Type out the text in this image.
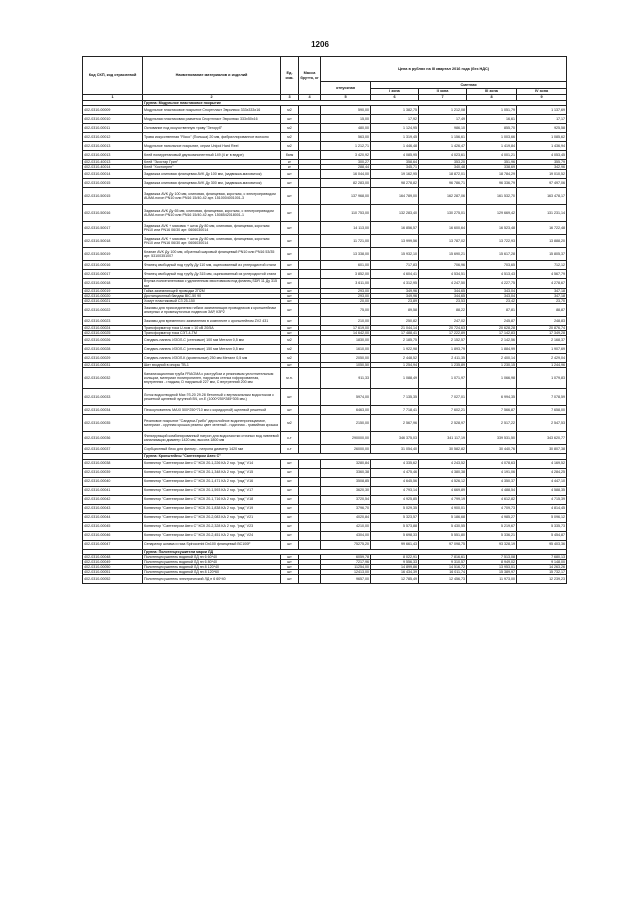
1206
Код СКП, код отраслевой	Наименование материалов и изделий	Ед. изм.	Масса брутто, кг	Цена в рублях на III квартал 2016 года (без НДС)				
				отпускная	Сметная			
					I зона	II зона	III зона	IV зона
1	2	3	4	5	6	7	8	9
	Группа: Модульное пластиковое покрытие							
402-0310-00009	Модульное пластиковое покрытие Спортпласт Эвролюкс 333x333x16	м2		590,00	1 382,75	1 212,08	1 051,79	1 137,69
402-0310-00010	Модульная пластиковая разметка Спортпласт Эвролюкс 333x50x16	шт		15,00	17,92	17,49	16,61	17,17
402-0310-00011	Основание под искусственную траву "Зегоруб"	м2		480,00	1 124,95	986,10	855,70	925,58
402-0310-00012	Трава искусственная "Ricco" (Польша) 20 мм, фибриллированное волокно	м2		563,00	1 319,45	1 156,61	1 003,66	1 085,62
402-0310-00013	Модульное напольное покрытие, серии Unipol Hard Reel	м2		1 212,71	1 446,48	1 426,47	1 419,84	1 436,94
402-0310-00013	Клей полиуретановый двухкомпонентный 149 (4 кг в ведре)	банк		3 420,92	4 085,95	4 023,61	4 001,21	4 053,45
402-0310-40013	Клей "Экостар Грин"	кг		300,27	358,64	353,20	351,96	355,79
402-0310-40014	Клей "Хостопрен"	кг		288,44	345,71	340,48	338,69	342,96
402-0310-00014	Задвижка клиновая фланцевая AVK Ду 100 мм, (задвижка-маховичок)	шт		16 044,00	19 162,95	18 872,01	18 784,29	19 010,52
402-0310-00015	Задвижка клиновая фланцевая AVK Ду 300 мм, (задвижка-маховичок)	шт		82 283,00	98 278,82	96 786,71	96 336,79	97 497,06
402-0310-50015	Задвижка AVK Ду 100 мм, клиновая, фланцевая, короткая, с электроприводом AUMA погон PN10 или PN16 15/40-42 арт. 1510004001001-3	шт		137 968,00	164 789,00	162 287,06	161 532,70	163 478,17
402-0310-50016	Задвижка AVK Ду 65 мм, клиновая, фланцевая, короткая, с электроприводом AUMA погон PN10 или PN16 15/40-42 арт. 1508542018001-1	шт		110 753,00	132 283,40	130 275,01	129 669,42	131 231,14
402-0310-50017	Задвижка AVK + маховик + шток Ду 80 мм, клиновая, фланцевая, короткая PN10 или PN16 06/30 арт. 0606030014	шт		14 113,00	16 856,57	16 600,64	16 523,48	16 722,48
402-0310-50018	Задвижка AVK + маховик + шток Ду 80 мм, клиновая, фланцевая, короткая PN10 или PN16 06/30 арт. 0606030014	шт		11 721,00	13 999,56	13 787,02	13 722,93	13 888,20
402-0310-50019	Клапан AVK Ду 100 мм, обратный шаровый фланцевый PN10 или PN16 53/35 арт. 53100351007	шт		13 338,00	15 932,10	15 690,21	15 617,28	15 805,37
402-0310-00016	Фланец свободный под трубу Ду 110 мм, оцинкованный из углеродистой стали	шт		601,00	717,83	706,96	703,65	712,12
402-0310-00017	Фланец свободный под трубу Ду 315 мм, оцинкованный из углеродистой стали	шт		3 852,00	4 604,41	4 534,51	4 513,43	4 567,79
402-0310-00018	Втулка полиэтиленовая с удлиненным хвостовиком под фланец SDR 11 Ду 315 мм	шт		3 611,00	4 312,95	4 247,50	4 227,75	4 278,67
402-0310-00019	Гайка заземляющей проводки 2П2М	шт		293,00	349,96	344,65	343,04	347,18
402-0310-00020	Дистанционный бандаж BIC-50 90	шт		293,00	349,96	344,65	343,04	347,18
402-0310-00021	Хомут пластиковый СЗ 25-150	шт		20,00	23,89	23,53	23,42	23,70
402-0310-00022	Зажимы для присоединения гибких заземляющих проводников к кронштейнам анкерных и промежуточных подвесов ЗАР, КЗР2	шт		75,00	89,58	88,22	87,81	88,87
402-0310-00023	Зажимы для временного заземления в комплекте с кронштейном ZV2 431	шт		210,00	250,82	247,02	245,87	248,83
402-0310-00024	Трансформатор тока U-ном = 10 кВ 20/5А	шт		17 619,00	21 044,14	20 724,63	20 628,28	20 876,74
402-0310-00025	Трансформатор тока СЭТ-4-ТМ	шт		14 642,00	17 488,41	17 222,89	17 142,83	17 349,28
402-0310-00026	Сэндвич-панель ИЗОЛ-С (стеновые) 100 мм Металл 0,5 мм	м2		1830,00	2 185,75	2 152,57	2 142,56	2 168,37
402-0310-00028	Сэндвич-панель ИЗОЛ-С (стеновые) 150 мм Металл 0,5 мм	м2		1610,00	1 922,98	1 893,79	1 884,99	1 907,69
402-0310-00029	Сэндвич-панель ИЗОЛ-К (кровельные) 250 мм Металл 0,5 мм	м2		2050,00	2 448,52	2 411,35	2 400,14	2 429,04
402-0310-00031	Шит входной в опоры ТВ-1	шт		1050,50	1 254,94	1 235,89	1 230,15	1 244,96
402-0310-00032	Канализационная труба FRAGMA с раструбом и резиновым уплотнительным кольцом, материал полипропилен, наружная стенка гофрированная, внутренняя - гладкая, D наружный 227 мм, С внутренний 200 мм	м.п.		911,33	1 088,49	1 071,97	1 066,98	1 079,83
402-0310-00033	Лоток водоотводной Max Гб-20 29.28 бетонный с вертикальным водостоком с решеткой щелевой чугунной ВЧ, кл.Е (1000*250*285*305 мм.)	шт		5974,00	7 135,35	7 027,01	6 994,35	7 078,59
402-0310-00034	Пескоуловитель MAXI 500*250*710 мм с коридорной) щелевой решеткой	шт		6463,00	7 718,41	7 602,21	7 566,87	7 658,00
402-0310-00035	Резиновое покрытие "Сандеки-Грибо" двухслойное водонепроницаемое, материал - крупная крошка резины цвет зеленый - годичная - гравийная крошка	м2		2150,00	2 567,96	2 528,97	2 517,22	2 547,53
402-0310-00036	Фильтрующий комбинированный патрон для водоочистки сточных вод ливневой канализации диаметр 1420 мм, высота 1800 мм	к-т		290000,00	346 375,03	341 117,19	339 531,50	343 620,77
402-0310-00037	Сорбционный блок для фильтр - патрона диаметр 1420 мм	к-т		26000,00	31 054,40	30 582,82	30 440,76	30 807,38
	Группа: Кронштейны "Сантехпром Авто С"							
402-0310-00038	Конвектор "Сантехпром Авто С" КСК 20-1,226 КА 2 гор. "ряд" V14	шт		3280,84	4 335,62	4 243,52	4 078,63	4 169,52
402-0310-00039	Конвектор "Сантехпром Авто С" КСК 20-1,348 КА 2 гор. "ряд" V15	шт		3360,38	4 475,46	4 380,38	4 191,06	4 284,25
402-0310-00040	Конвектор "Сантехпром Авто С" КСК 20-1,471 КА 2 гор. "ряд" V16	шт		3508,85	4 645,56	4 526,12	4 350,37	4 447,10
402-0310-00041	Конвектор "Сантехпром Авто С" КСК 20-1,593 КА 2 гор. "ряд" V17	шт		3620,30	4 793,14	4 669,89	4 488,54	4 588,35
402-0310-00042	Конвектор "Сантехпром Авто С" КСК 20-1,716 КА 2 гор. "ряд" V18	шт		3720,54	4 925,85	4 799,19	4 612,82	4 715,39
402-0310-00043	Конвектор "Сантехпром Авто С" КСК 20-1,838 КА 2 гор. "ряд" V19	шт		3796,70	5 029,35	4 900,01	4 709,73	4 814,45
402-0310-00044	Конвектор "Сантехпром Авто С" КСК 20-2,083 КА 2 гор. "ряд" V21	шт		4020,84	5 323,57	5 186,68	4 985,27	5 096,12
402-0310-00045	Конвектор "Сантехпром Авто С" КСК 20-2,328 КА 2 гор. "ряд" V23	шт		4210,00	5 573,88	5 430,55	5 219,67	5 335,73
402-0310-00046	Конвектор "Сантехпром Авто С" КСК 20-2,451 КА 2 гор. "ряд" V24	шт		4304,00	5 698,33	5 551,80	5 336,21	5 454,87
402-0310-00047	Сепаратор шлама и газа Spirocombi Dn100 фланцевый ВС100F	шт		75275,20	99 661,43	97 098,75	93 328,19	95 403,36
	Группа: Полотенцесушители марки ЛД							
402-0310-00048	Полотенцесушитель водяной ЛД пн 6 60*40	шт		6059,78	8 022,91	7 816,61	7 513,08	7 680,13
402-0310-00049	Полотенцесушитель водяной ЛД пн 6 80*40	шт		7217,96	9 556,33	9 310,57	8 949,02	9 148,00
402-0310-00050	Полотенцесушитель водяной ЛД пн 8 120*40	шт		11254,00	14 899,86	14 516,72	13 953,01	14 263,26
402-0310-00051	Полотенцесушитель водяной ЛД пн 8 120*60	шт		12413,00	16 434,39	16 011,74	15 389,97	15 732,17
402-0310-00052	Полотенцесушитель электрический ЛД н 6 60*40	шт		9657,00	12 785,49	12 456,73	11 973,00	12 239,23
